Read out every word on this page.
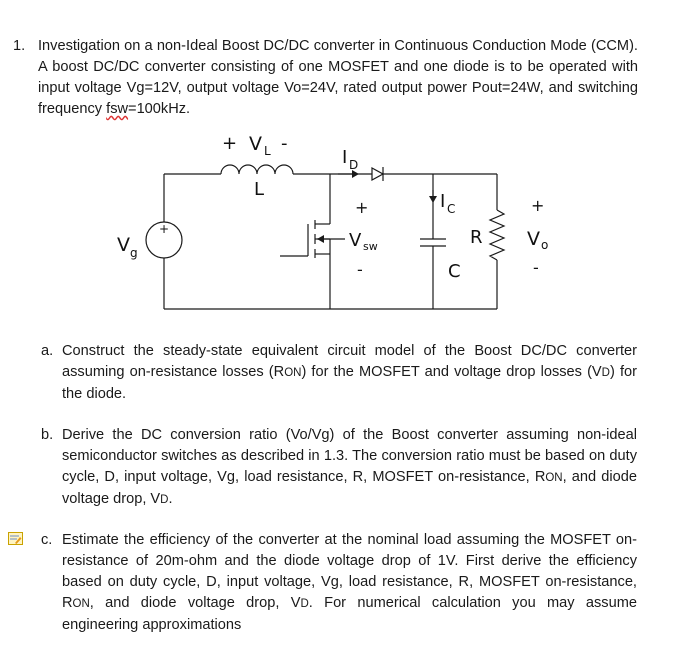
1. Investigation on a non-Ideal Boost DC/DC converter in Continuous Conduction Mode (CCM). A boost DC/DC converter consisting of one MOSFET and one diode is to be operated with input voltage Vg=12V, output voltage Vo=24V, rated output power Pout=24W, and switching frequency fsw=100kHz.
+ V L -
L
I D
V g
+
+
V sw
-
I C
C
R
+
V o
-
a. Construct the steady-state equivalent circuit model of the Boost DC/DC converter assuming on-resistance losses (RON) for the MOSFET and voltage drop losses (VD) for the diode.
b. Derive the DC conversion ratio (Vo/Vg) of the Boost converter assuming non-ideal semiconductor switches as described in 1.3. The conversion ratio must be based on duty cycle, D, input voltage, Vg, load resistance, R, MOSFET on-resistance, RON, and diode voltage drop, VD.
c. Estimate the efficiency of the converter at the nominal load assuming the MOSFET on-resistance of 20m-ohm and the diode voltage drop of 1V. First derive the efficiency based on duty cycle, D, input voltage, Vg, load resistance, R, MOSFET on-resistance, RON, and diode voltage drop, VD. For numerical calculation you may assume engineering approximations
